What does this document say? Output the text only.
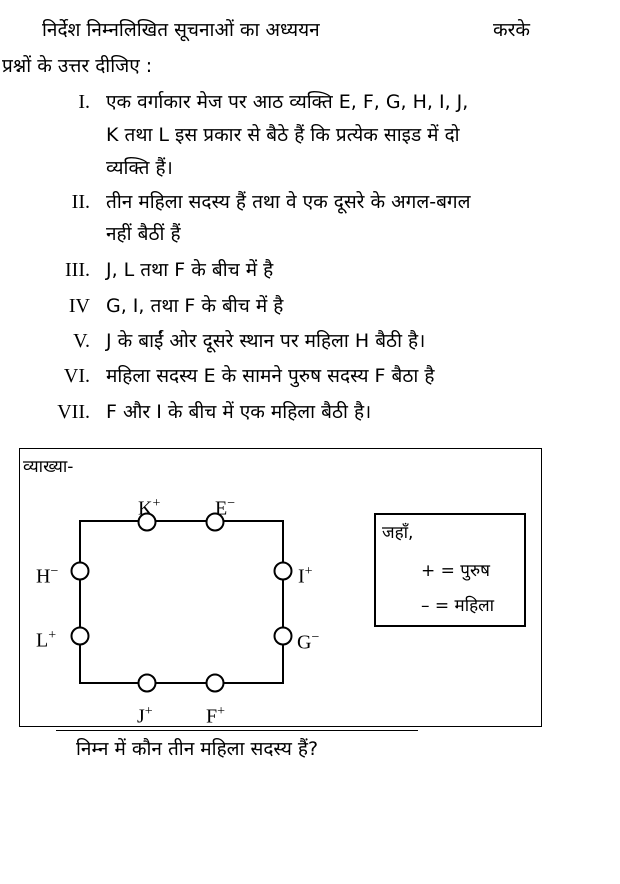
निर्देश निम्नलिखित सूचनाओं का अध्ययन	करके
प्रश्नों के उत्तर दीजिए :
I. एक वर्गाकार मेज पर आठ व्यक्ति E, F, G, H, I, J,
K तथा L इस प्रकार से बैठे हैं कि प्रत्येक साइड में दो
व्यक्ति हैं।
II. तीन महिला सदस्य हैं तथा वे एक दूसरे के अगल-बगल
नहीं बैठीं हैं
III. J, L तथा F के बीच में है
IV G, I, तथा F के बीच में है
V. J के बाईं ओर दूसरे स्थान पर महिला H बैठी है।
VI. महिला सदस्य E के सामने पुरुष सदस्य F बैठा है
VII. F और I के बीच में एक महिला बैठी है।
व्याख्या-
K+	E−
I+
G−
F+
J+
L+
H−
जहाँ,
+ = पुरुष
– = महिला
निम्न में कौन तीन महिला सदस्य हैं?
